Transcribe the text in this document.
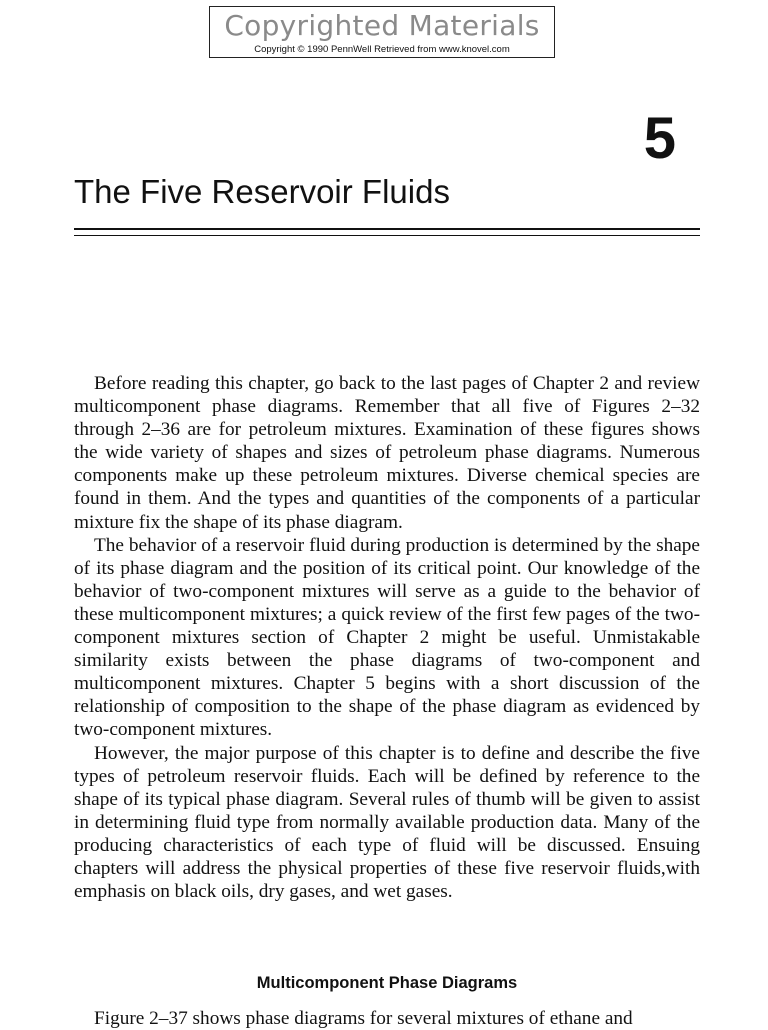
Copyrighted Materials
Copyright © 1990 PennWell Retrieved from www.knovel.com
5
The Five Reservoir Fluids

Before reading this chapter, go back to the last pages of Chapter 2 and review multicomponent phase diagrams. Remember that all five of Figures 2–32 through 2–36 are for petroleum mixtures. Examination of these figures shows the wide variety of shapes and sizes of petroleum phase diagrams. Numerous components make up these petroleum mixtures. Diverse chemical species are found in them. And the types and quantities of the components of a particular mixture fix the shape of its phase diagram.

The behavior of a reservoir fluid during production is determined by the shape of its phase diagram and the position of its critical point. Our knowledge of the behavior of two-component mixtures will serve as a guide to the behavior of these multicomponent mixtures; a quick review of the first few pages of the two-component mixtures section of Chapter 2 might be useful. Unmistakable similarity exists between the phase diagrams of two-component and multicomponent mixtures. Chapter 5 begins with a short discussion of the relationship of composition to the shape of the phase diagram as evidenced by two-component mixtures.

However, the major purpose of this chapter is to define and describe the five types of petroleum reservoir fluids. Each will be defined by reference to the shape of its typical phase diagram. Several rules of thumb will be given to assist in determining fluid type from normally available production data. Many of the producing characteristics of each type of fluid will be discussed. Ensuing chapters will address the physical properties of these five reservoir fluids,with emphasis on black oils, dry gases, and wet gases.

Multicomponent Phase Diagrams
Figure 2–37 shows phase diagrams for several mixtures of ethane and
